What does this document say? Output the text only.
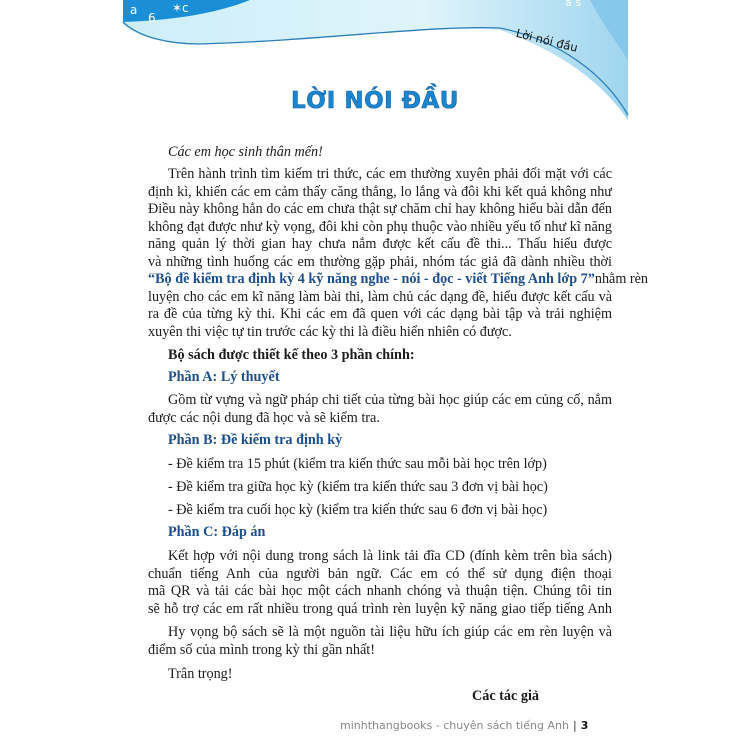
a
6
✶c	a s
Lời nói đầu
LỜI NÓI ĐẦU
Các em học sinh thân mến!
Trên hành trình tìm kiếm tri thức, các em thường xuyên phải đối mặt với các
định kì, khiến các em cảm thấy căng thẳng, lo lắng và đôi khi kết quả không như
Điều này không hẳn do các em chưa thật sự chăm chỉ hay không hiểu bài dẫn đến
không đạt được như kỳ vọng, đôi khi còn phụ thuộc vào nhiều yếu tố như kĩ năng
năng quản lý thời gian hay chưa nắm được kết cấu đề thi... Thấu hiểu được
và những tình huống các em thường gặp phải, nhóm tác giả đã dành nhiều thời
“Bộ đề kiểm tra định kỳ 4 kỹ năng nghe - nói - đọc - viết Tiếng Anh lớp 7” nhằm rèn
luyện cho các em kĩ năng làm bài thi, làm chủ các dạng đề, hiểu được kết cấu và
ra đề của từng kỳ thi. Khi các em đã quen với các dạng bài tập và trải nghiệm
xuyên thi việc tự tin trước các kỳ thi là điều hiển nhiên có được.
Bộ sách được thiết kế theo 3 phần chính:
Phần A: Lý thuyết
Gồm từ vựng và ngữ pháp chi tiết của từng bài học giúp các em củng cố, nắm
được các nội dung đã học và sẽ kiểm tra.
Phần B: Đề kiểm tra định kỳ
- Đề kiểm tra 15 phút (kiểm tra kiến thức sau mỗi bài học trên lớp)
- Đề kiểm tra giữa học kỳ (kiểm tra kiến thức sau 3 đơn vị bài học)
- Đề kiểm tra cuối học kỳ (kiểm tra kiến thức sau 6 đơn vị bài học)
Phần C: Đáp án
Kết hợp với nội dung trong sách là link tải đĩa CD (đính kèm trên bìa sách)
chuẩn tiếng Anh của người bản ngữ. Các em có thể sử dụng điện thoại
mã QR và tải các bài học một cách nhanh chóng và thuận tiện. Chúng tôi tin
sẽ hỗ trợ các em rất nhiều trong quá trình rèn luyện kỹ năng giao tiếp tiếng Anh
Hy vọng bộ sách sẽ là một nguồn tài liệu hữu ích giúp các em rèn luyện và
điểm số của mình trong kỳ thi gần nhất!
Trân trọng!
Các tác giả
minhthangbooks - chuyên sách tiếng Anh | 3
